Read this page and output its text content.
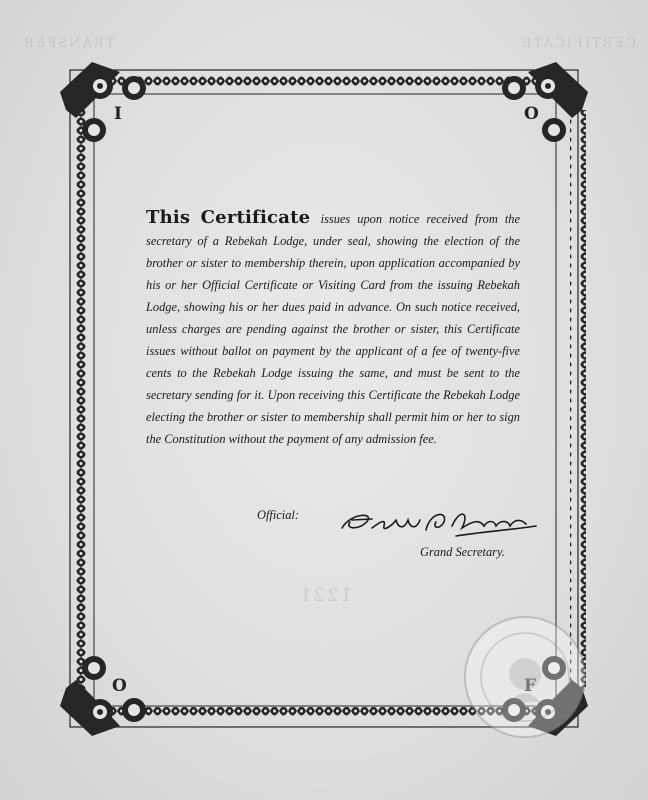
TRANSFER	CERTIFICATE
1221
I	O
O
This Certificate issues upon notice received from the secretary of a Rebekah Lodge, under seal, showing the election of the brother or sister to membership therein, upon application accompanied by his or her Official Certificate or Visiting Card from the issuing Rebekah Lodge, showing his or her dues paid in advance. On such notice received, unless charges are pending against the brother or sister, this Certificate issues without ballot on payment by the applicant of a fee of twenty-five cents to the Rebekah Lodge issuing the same, and must be sent to the secretary sending for it. Upon receiving this Certificate the Rebekah Lodge electing the brother or sister to membership shall permit him or her to sign the Constitution without the payment of any admission fee.
Official:
Grand Secretary.
